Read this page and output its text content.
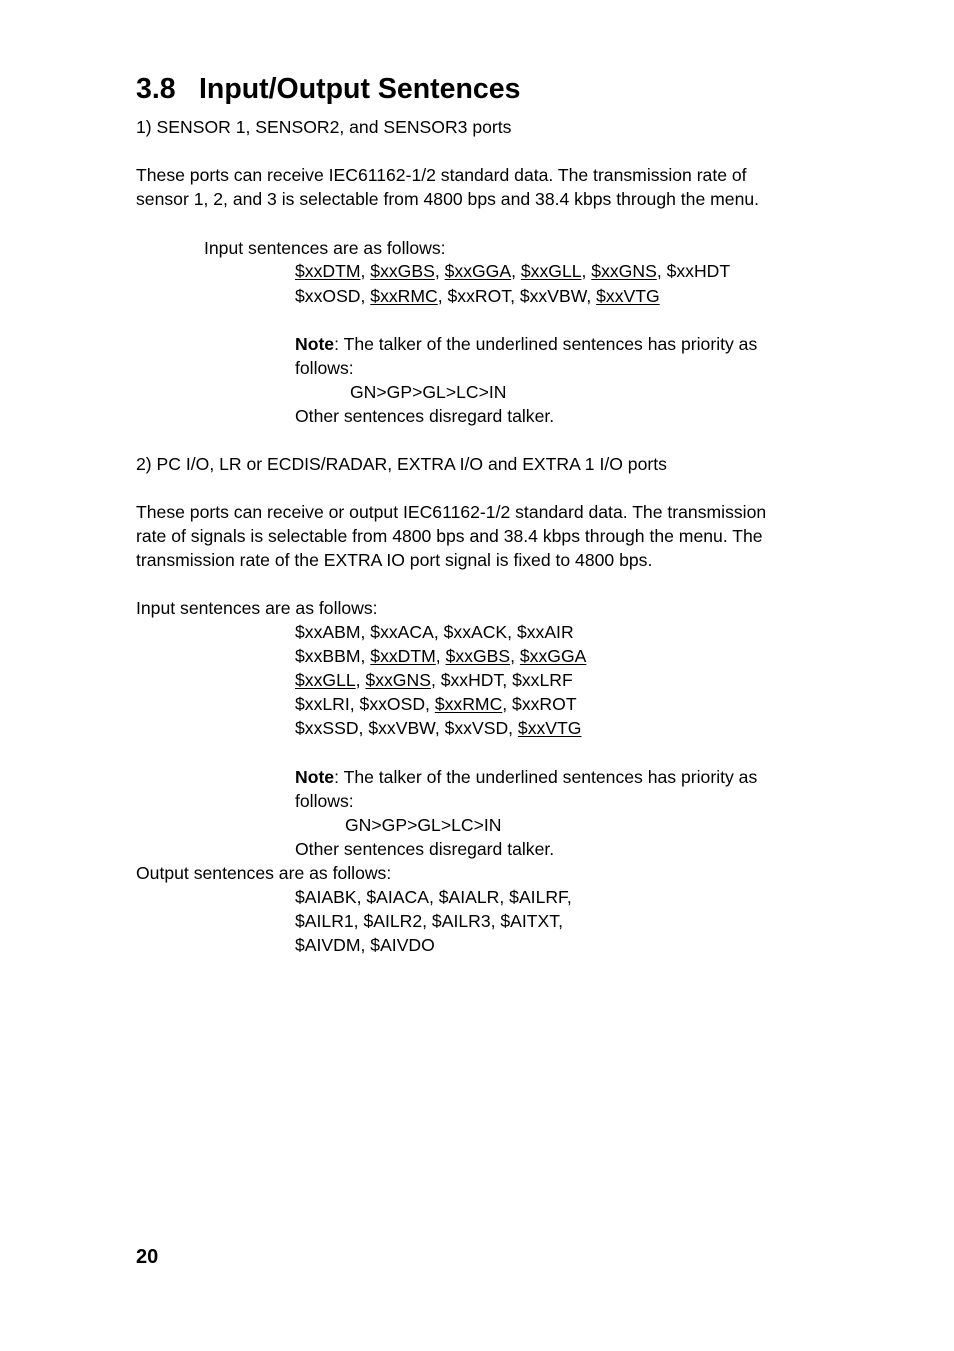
3.8 Input/Output Sentences

1) SENSOR 1, SENSOR2, and SENSOR3 ports

These ports can receive IEC61162-1/2 standard data. The transmission rate of

sensor 1, 2, and 3 is selectable from 4800 bps and 38.4 kbps through the menu.

Input sentences are as follows:

$xxDTM, $xxGBS, $xxGGA, $xxGLL, $xxGNS, $xxHDT

$xxOSD, $xxRMC, $xxROT, $xxVBW, $xxVTG

Note: The talker of the underlined sentences has priority as

follows:

GN>GP>GL>LC>IN

Other sentences disregard talker.

2) PC I/O, LR or ECDIS/RADAR, EXTRA I/O and EXTRA 1 I/O ports

These ports can receive or output IEC61162-1/2 standard data. The transmission

rate of signals is selectable from 4800 bps and 38.4 kbps through the menu. The

transmission rate of the EXTRA IO port signal is fixed to 4800 bps.

Input sentences are as follows:

$xxABM, $xxACA, $xxACK, $xxAIR

$xxBBM, $xxDTM, $xxGBS, $xxGGA

$xxGLL, $xxGNS, $xxHDT, $xxLRF

$xxLRI, $xxOSD, $xxRMC, $xxROT

$xxSSD, $xxVBW, $xxVSD, $xxVTG

Note: The talker of the underlined sentences has priority as

follows:

GN>GP>GL>LC>IN

Other sentences disregard talker.

Output sentences are as follows:

$AIABK, $AIACA, $AIALR, $AILRF,

$AILR1, $AILR2, $AILR3, $AITXT,

$AIVDM, $AIVDO

20
